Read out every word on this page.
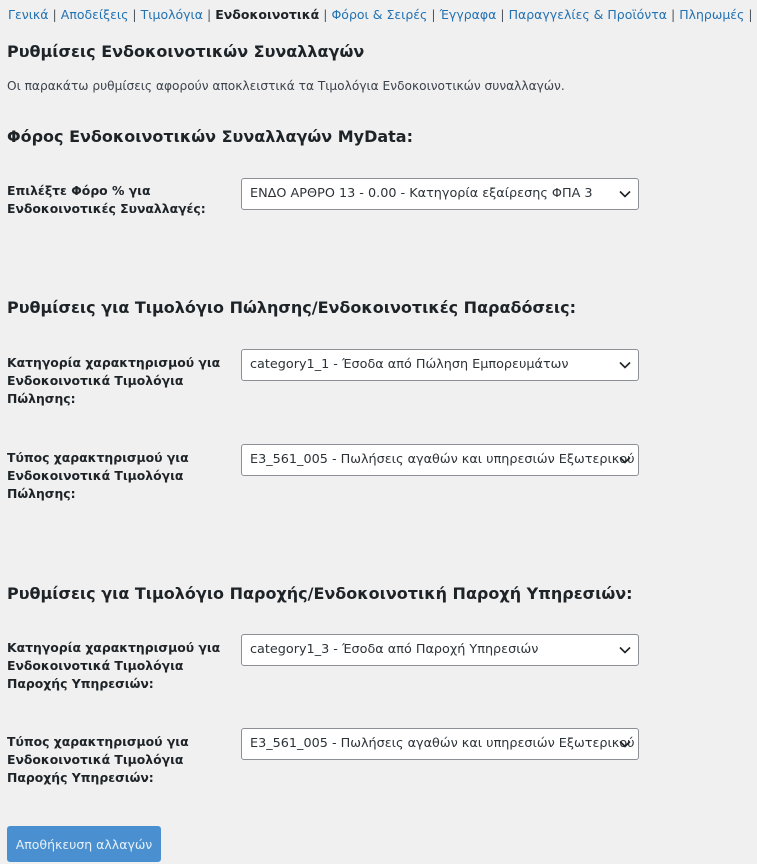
Γενικά | Αποδείξεις | Τιμολόγια | Ενδοκοινοτικά | Φόροι & Σειρές | Έγγραφα | Παραγγελίες & Προϊόντα | Πληρωμές |
Ρυθμίσεις Ενδοκοινοτικών Συναλλαγών
Οι παρακάτω ρυθμίσεις αφορούν αποκλειστικά τα Τιμολόγια Ενδοκοινοτικών συναλλαγών.
Φόρος Ενδοκοινοτικών Συναλλαγών MyData:
Επιλέξτε Φόρο % για Ενδοκοινοτικές Συναλλαγές:
ΕΝΔΟ ΑΡΘΡΟ 13 - 0.00 - Κατηγορία εξαίρεσης ΦΠΑ 3
Ρυθμίσεις για Τιμολόγιο Πώλησης/Ενδοκοινοτικές Παραδόσεις:
Κατηγορία χαρακτηρισμού για Ενδοκοινοτικά Τιμολόγια Πώλησης:
category1_1 - Έσοδα από Πώληση Εμπορευμάτων
Τύπος χαρακτηρισμού για Ενδοκοινοτικά Τιμολόγια Πώλησης:
E3_561_005 - Πωλήσεις αγαθών και υπηρεσιών Εξωτερικού
Ρυθμίσεις για Τιμολόγιο Παροχής/Ενδοκοινοτική Παροχή Υπηρεσιών:
Κατηγορία χαρακτηρισμού για Ενδοκοινοτικά Τιμολόγια Παροχής Υπηρεσιών:
category1_3 - Έσοδα από Παροχή Υπηρεσιών
Τύπος χαρακτηρισμού για Ενδοκοινοτικά Τιμολόγια Παροχής Υπηρεσιών:
E3_561_005 - Πωλήσεις αγαθών και υπηρεσιών Εξωτερικού
Αποθήκευση αλλαγών
